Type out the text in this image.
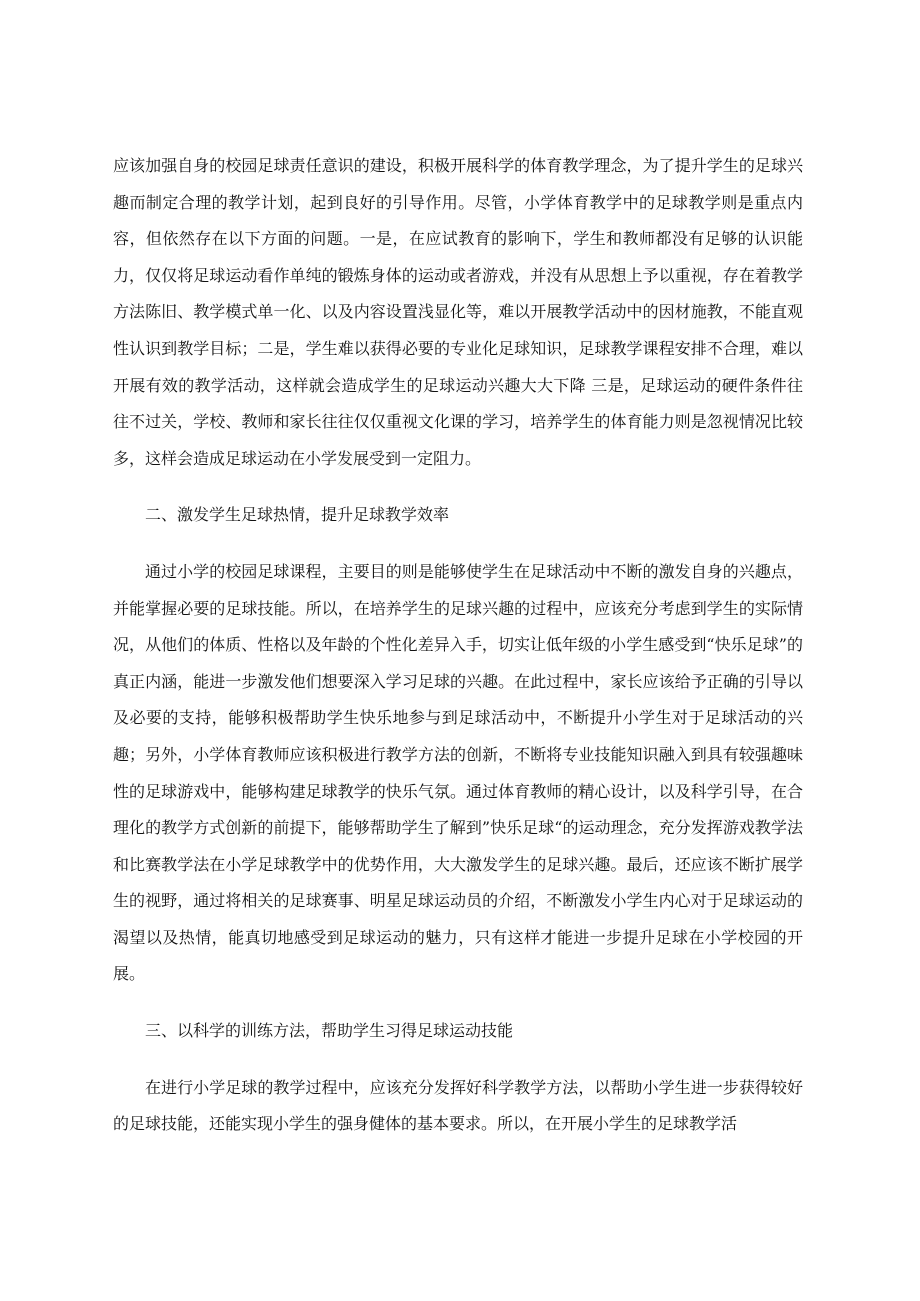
应该加强自身的校园足球责任意识的建设，积极开展科学的体育教学理念，为了提升学生的足球兴趣而制定合理的教学计划，起到良好的引导作用。尽管，小学体育教学中的足球教学则是重点内容，但依然存在以下方面的问题。一是，在应试教育的影响下，学生和教师都没有足够的认识能力，仅仅将足球运动看作单纯的锻炼身体的运动或者游戏，并没有从思想上予以重视，存在着教学方法陈旧、教学模式单一化、以及内容设置浅显化等，难以开展教学活动中的因材施教，不能直观性认识到教学目标；二是，学生难以获得必要的专业化足球知识，足球教学课程安排不合理，难以开展有效的教学活动，这样就会造成学生的足球运动兴趣大大下降 三是，足球运动的硬件条件往往不过关，学校、教师和家长往往仅仅重视文化课的学习，培养学生的体育能力则是忽视情况比较多，这样会造成足球运动在小学发展受到一定阻力。

二、激发学生足球热情，提升足球教学效率

通过小学的校园足球课程，主要目的则是能够使学生在足球活动中不断的激发自身的兴趣点，并能掌握必要的足球技能。所以，在培养学生的足球兴趣的过程中，应该充分考虑到学生的实际情况，从他们的体质、性格以及年龄的个性化差异入手，切实让低年级的小学生感受到“快乐足球”的真正内涵，能进一步激发他们想要深入学习足球的兴趣。在此过程中，家长应该给予正确的引导以及必要的支持，能够积极帮助学生快乐地参与到足球活动中，不断提升小学生对于足球活动的兴趣；另外，小学体育教师应该积极进行教学方法的创新，不断将专业技能知识融入到具有较强趣味性的足球游戏中，能够构建足球教学的快乐气氛。通过体育教师的精心设计，以及科学引导，在合理化的教学方式创新的前提下，能够帮助学生了解到”快乐足球“的运动理念，充分发挥游戏教学法和比赛教学法在小学足球教学中的优势作用，大大激发学生的足球兴趣。最后，还应该不断扩展学生的视野，通过将相关的足球赛事、明星足球运动员的介绍，不断激发小学生内心对于足球运动的渴望以及热情，能真切地感受到足球运动的魅力，只有这样才能进一步提升足球在小学校园的开展。

三、以科学的训练方法，帮助学生习得足球运动技能

在进行小学足球的教学过程中，应该充分发挥好科学教学方法，以帮助小学生进一步获得较好的足球技能，还能实现小学生的强身健体的基本要求。所以，在开展小学生的足球教学活
